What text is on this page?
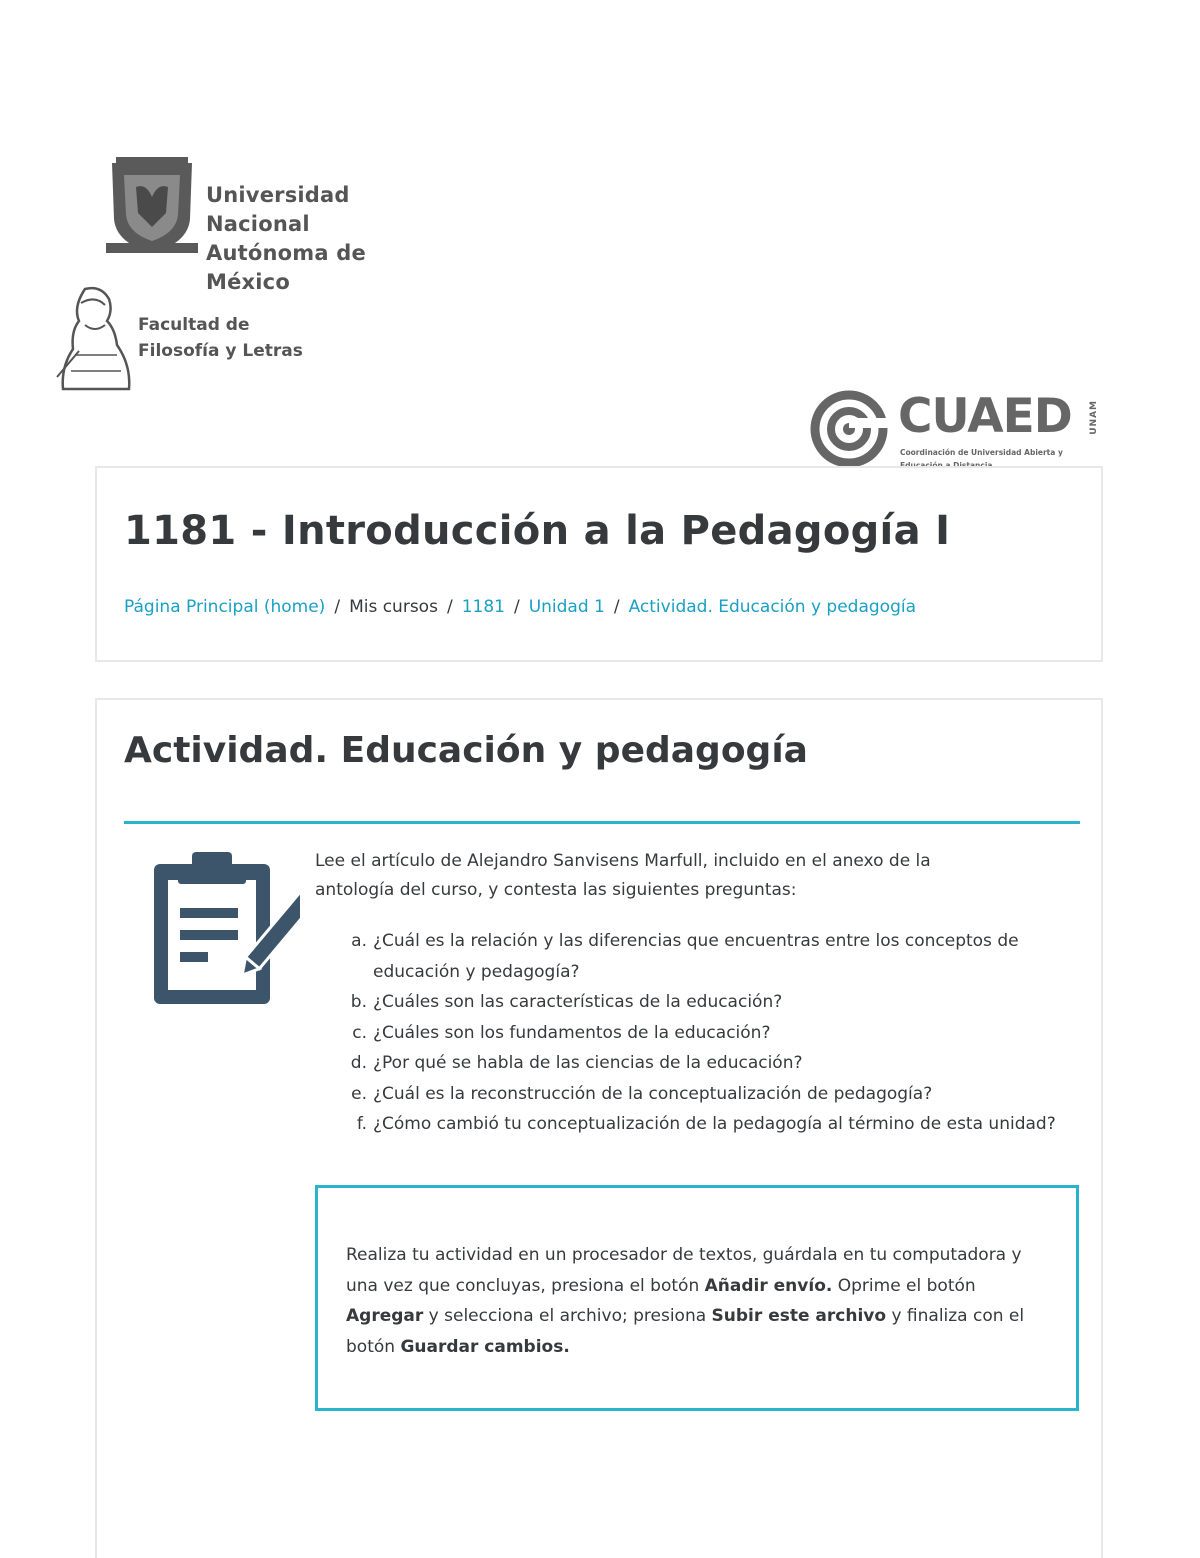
Universidad Nacional
Autónoma de México
Facultad de
Filosofía y Letras
CUAED UNAM
Coordinación de Universidad Abierta y
1181 - Introducción a la Pedagogía I
Página Principal (home) / Mis cursos / 1181 / Unidad 1 / Actividad. Educación y pedagogía
Actividad. Educación y pedagogía

Lee el artículo de Alejandro Sanvisens Marfull, incluido en el anexo de la antología del curso, y contesta las siguientes preguntas:

a. ¿Cuál es la relación y las diferencias que encuentras entre los conceptos de educación y pedagogía?
b. ¿Cuáles son las características de la educación?
c. ¿Cuáles son los fundamentos de la educación?
d. ¿Por qué se habla de las ciencias de la educación?
e. ¿Cuál es la reconstrucción de la conceptualización de pedagogía?
f. ¿Cómo cambió tu conceptualización de la pedagogía al término de esta unidad?

Realiza tu actividad en un procesador de textos, guárdala en tu computadora y una vez que concluyas, presiona el botón Añadir envío. Oprime el botón Agregar y selecciona el archivo; presiona Subir este archivo y finaliza con el botón Guardar cambios.
